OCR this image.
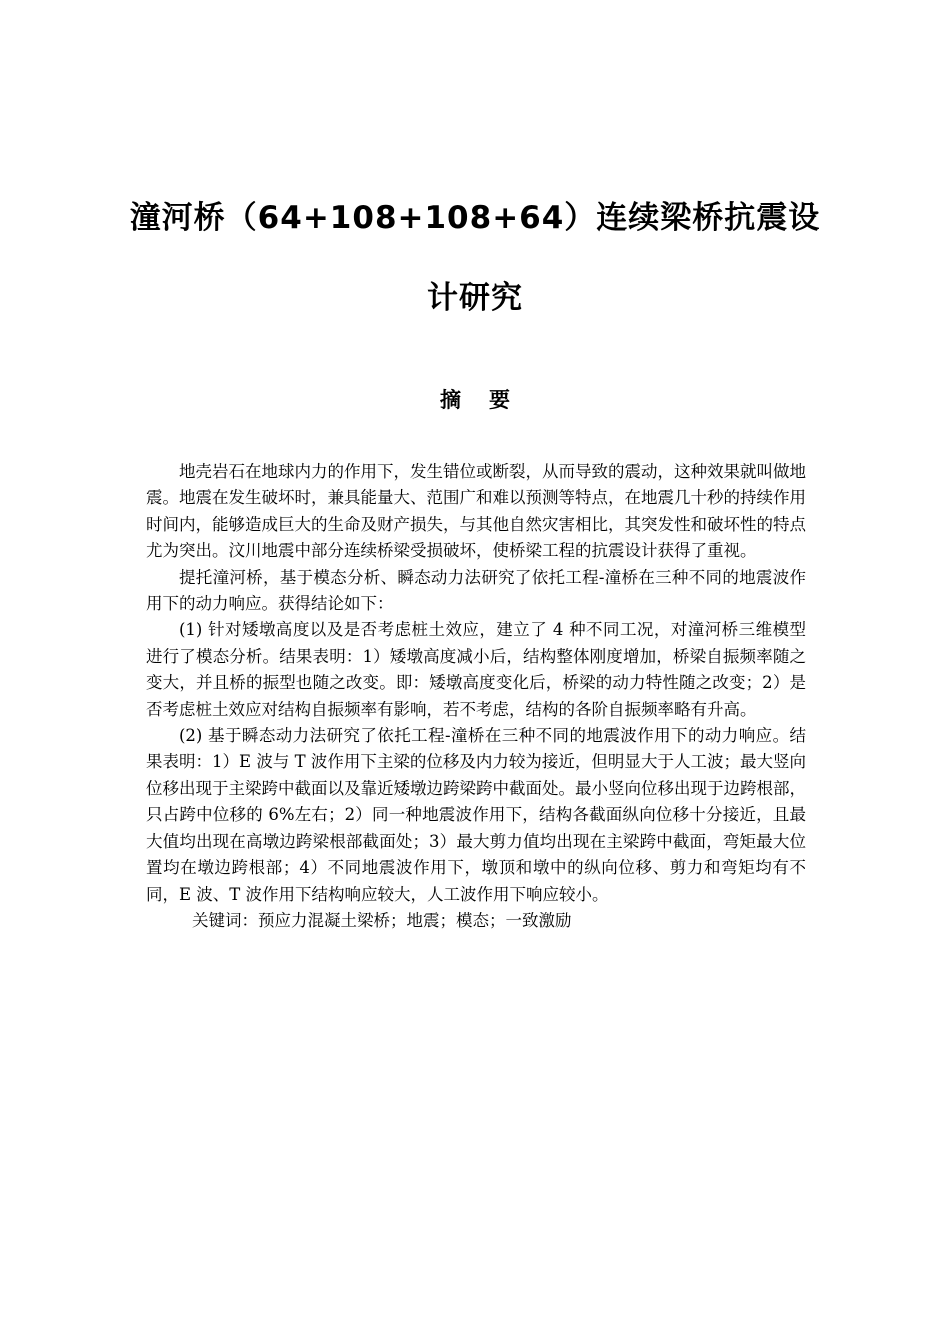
潼河桥（64+108+108+64）连续梁桥抗震设
计研究
摘 要

地壳岩石在地球内力的作用下，发生错位或断裂，从而导致的震动，这种效果就叫做地震。地震在发生破坏时，兼具能量大、范围广和难以预测等特点，在地震几十秒的持续作用时间内，能够造成巨大的生命及财产损失，与其他自然灾害相比，其突发性和破坏性的特点尤为突出。汶川地震中部分连续桥梁受损破坏，使桥梁工程的抗震设计获得了重视。

提托潼河桥，基于模态分析、瞬态动力法研究了依托工程-潼桥在三种不同的地震波作用下的动力响应。获得结论如下：

(1) 针对矮墩高度以及是否考虑桩土效应，建立了 4 种不同工况，对潼河桥三维模型进行了模态分析。结果表明：1）矮墩高度减小后，结构整体刚度增加，桥梁自振频率随之变大，并且桥的振型也随之改变。即：矮墩高度变化后，桥梁的动力特性随之改变；2）是否考虑桩土效应对结构自振频率有影响，若不考虑，结构的各阶自振频率略有升高。

(2) 基于瞬态动力法研究了依托工程-潼桥在三种不同的地震波作用下的动力响应。结果表明：1）E 波与 T 波作用下主梁的位移及内力较为接近，但明显大于人工波；最大竖向位移出现于主梁跨中截面以及靠近矮墩边跨梁跨中截面处。最小竖向位移出现于边跨根部，只占跨中位移的 6%左右；2）同一种地震波作用下，结构各截面纵向位移十分接近，且最大值均出现在高墩边跨梁根部截面处；3）最大剪力值均出现在主梁跨中截面，弯矩最大位置均在墩边跨根部；4）不同地震波作用下，墩顶和墩中的纵向位移、剪力和弯矩均有不同，E 波、T 波作用下结构响应较大，人工波作用下响应较小。

关键词：预应力混凝土梁桥；地震；模态；一致激励
